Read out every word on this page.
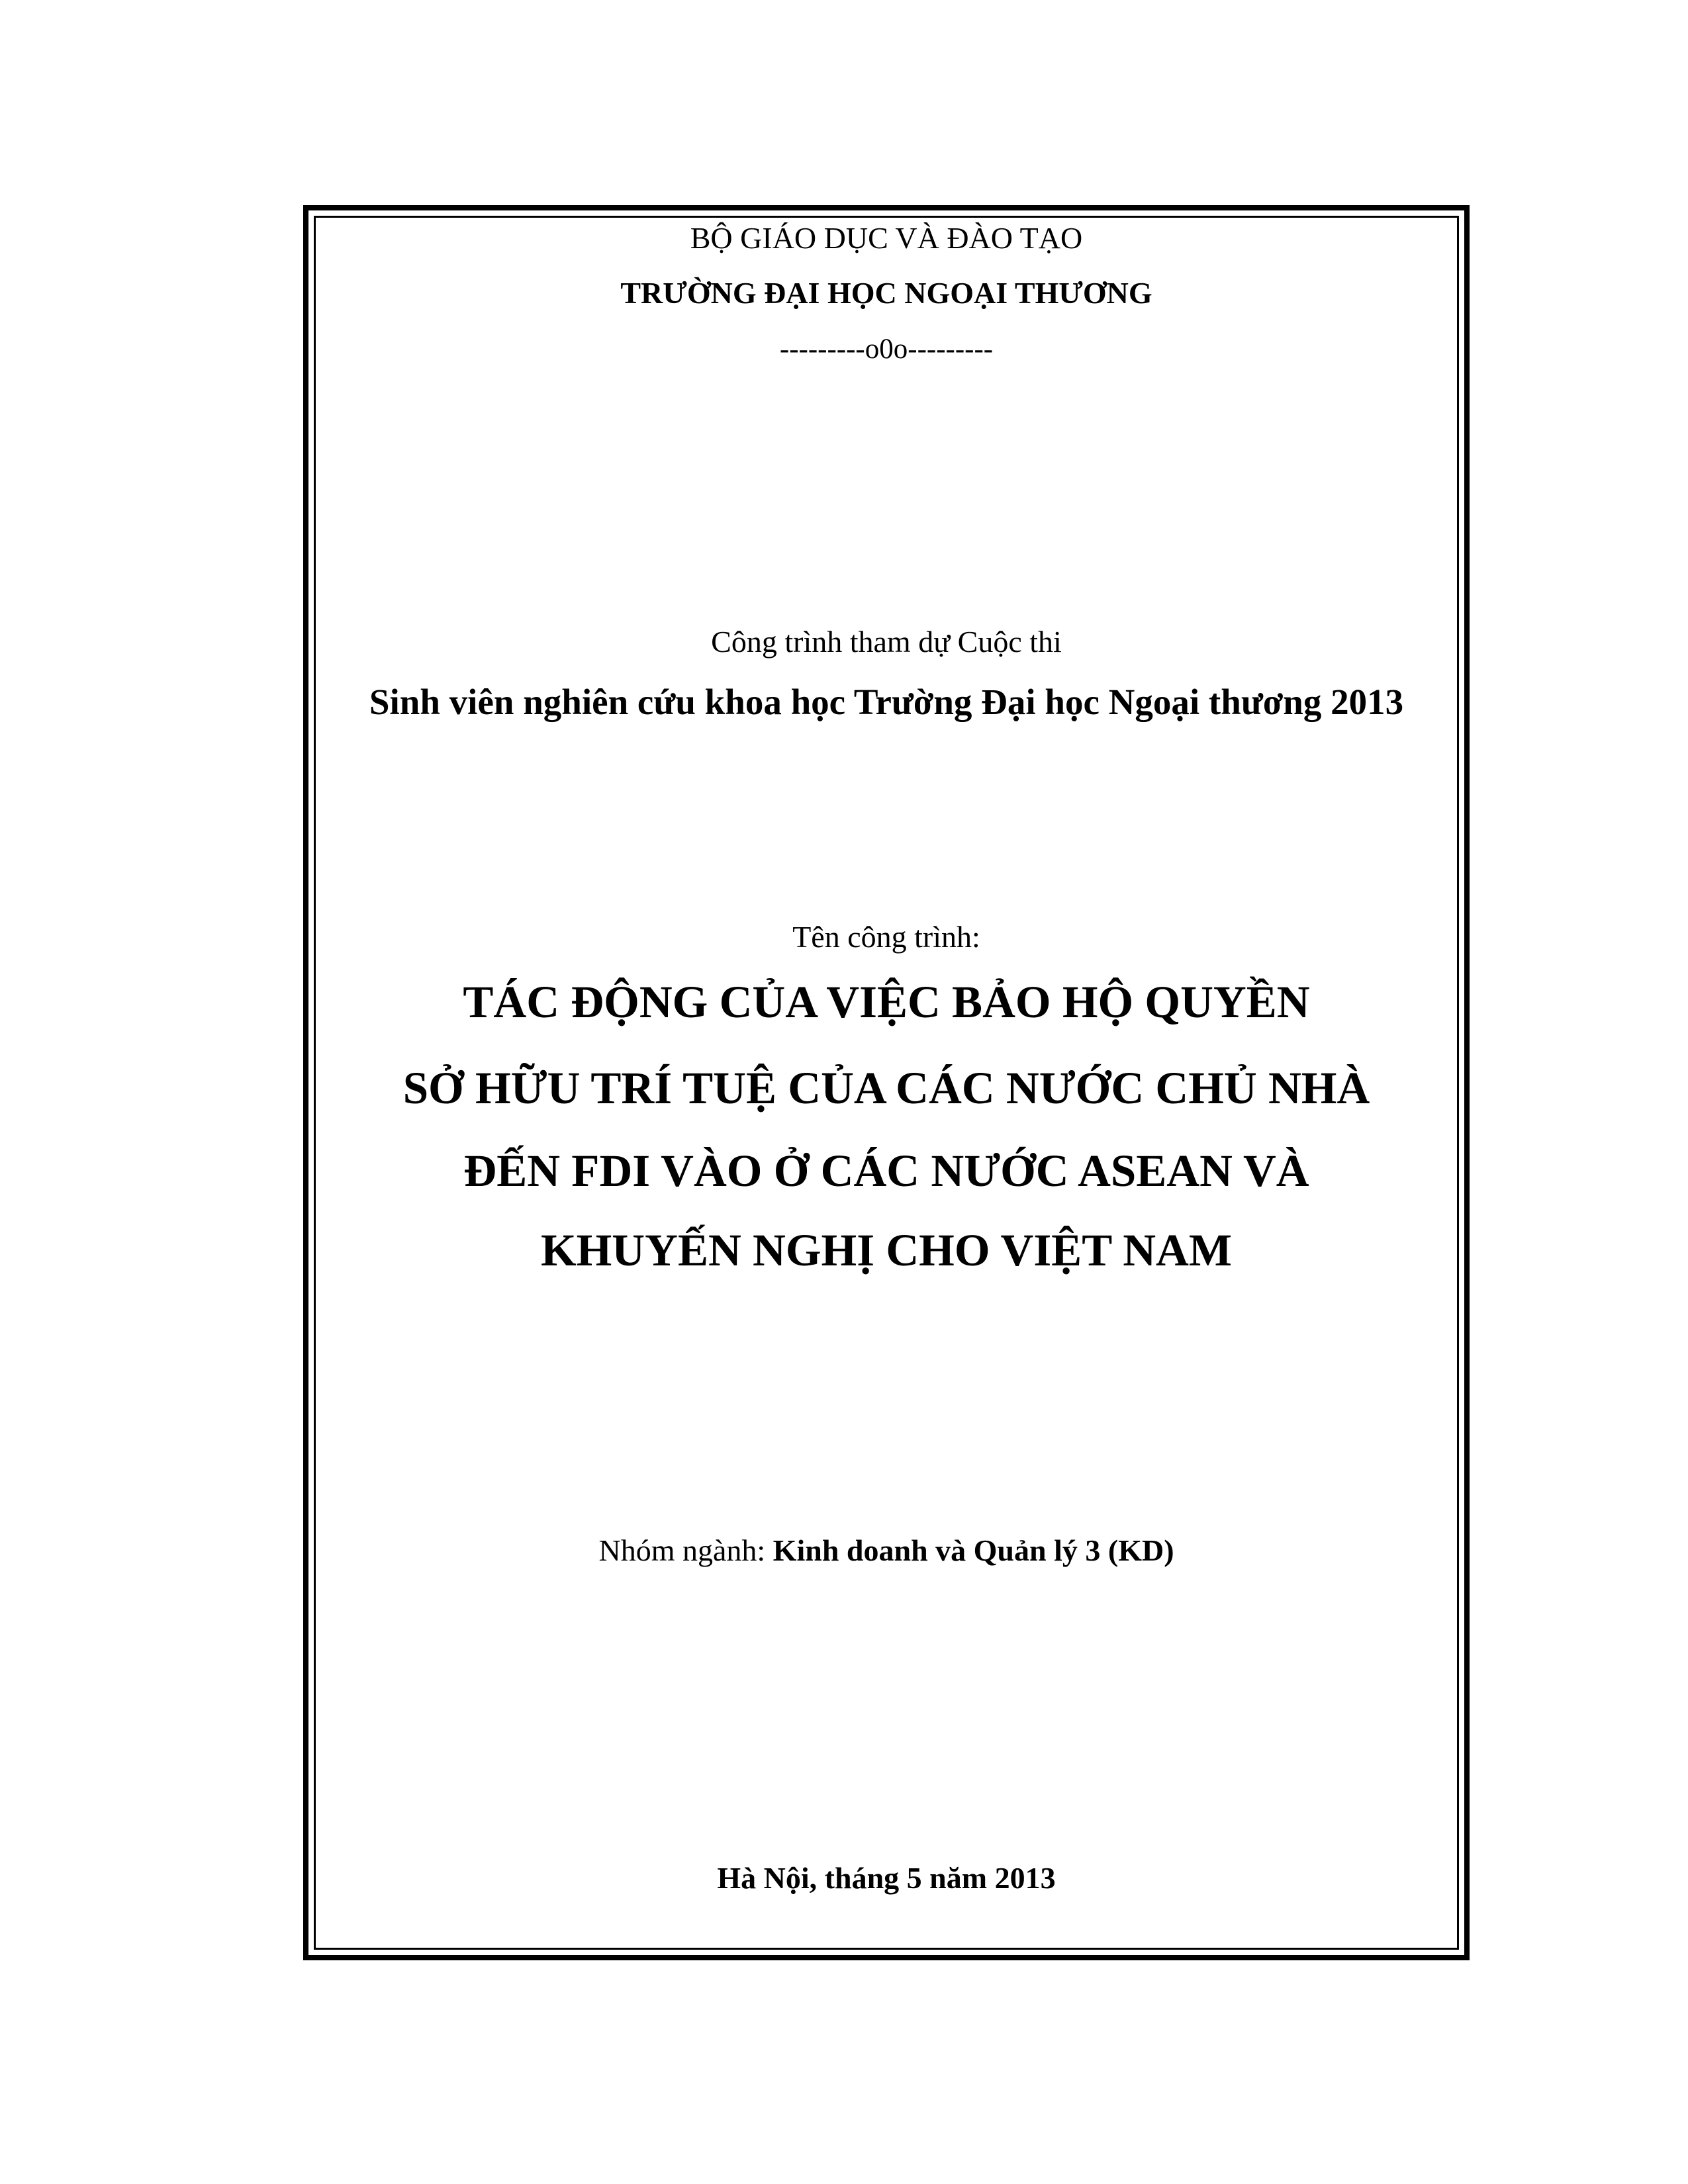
BỘ GIÁO DỤC VÀ ĐÀO TẠO
TRƯỜNG ĐẠI HỌC NGOẠI THƯƠNG
---------o0o---------
Công trình tham dự Cuộc thi
Sinh viên nghiên cứu khoa học Trường Đại học Ngoại thương 2013
Tên công trình:
TÁC ĐỘNG CỦA VIỆC BẢO HỘ QUYỀN
SỞ HỮU TRÍ TUỆ CỦA CÁC NƯỚC CHỦ NHÀ
ĐẾN FDI VÀO Ở CÁC NƯỚC ASEAN VÀ
KHUYẾN NGHỊ CHO VIỆT NAM
Nhóm ngành: Kinh doanh và Quản lý 3 (KD)
Hà Nội, tháng 5 năm 2013
